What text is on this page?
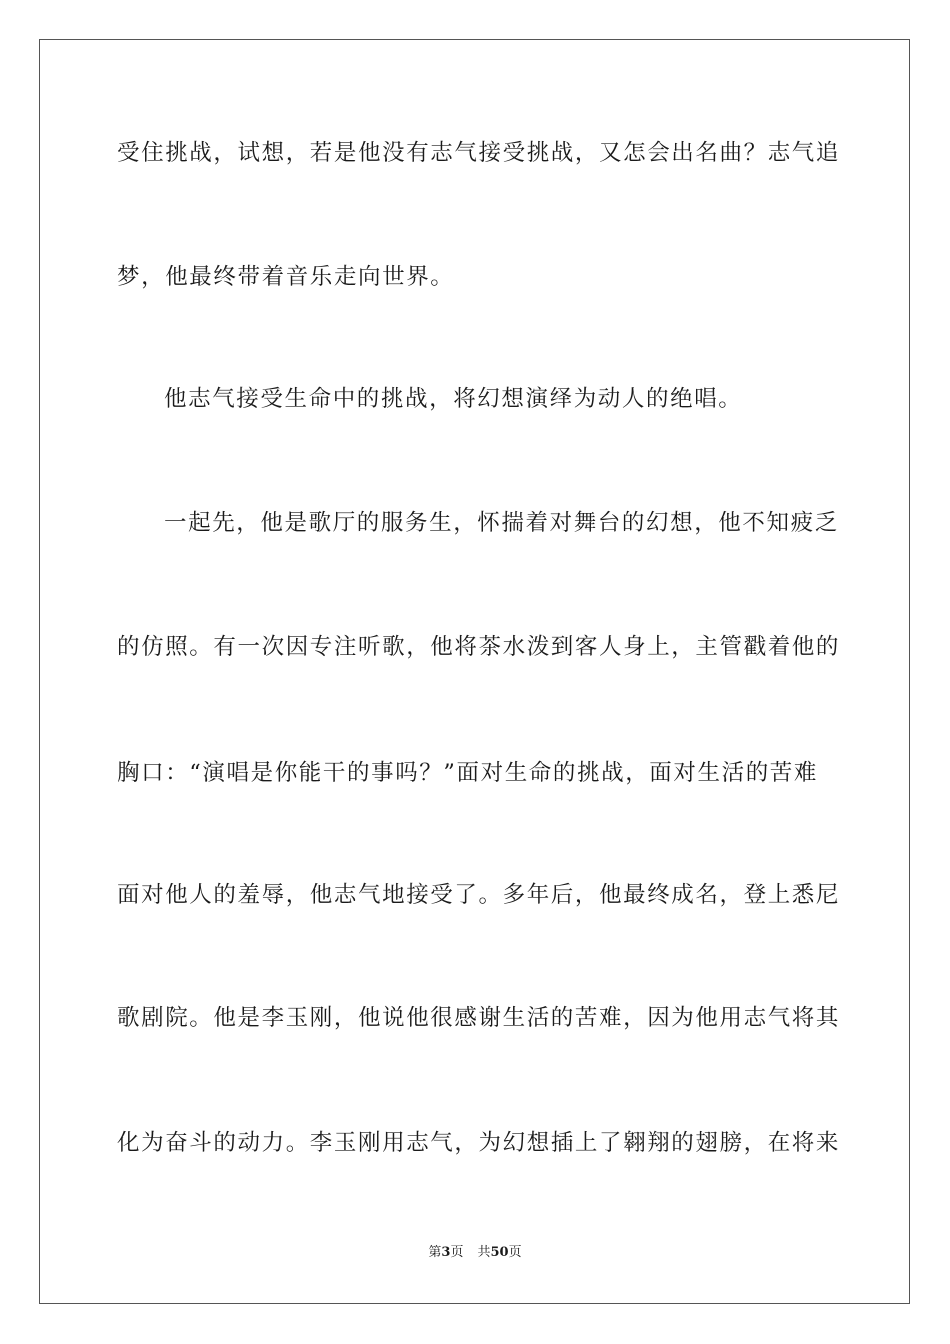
受住挑战，试想，若是他没有志气接受挑战，又怎会出名曲？志气追
梦，他最终带着音乐走向世界。
他志气接受生命中的挑战，将幻想演绎为动人的绝唱。
一起先，他是歌厅的服务生，怀揣着对舞台的幻想，他不知疲乏
的仿照。有一次因专注听歌，他将茶水泼到客人身上，主管戳着他的
胸口：“演唱是你能干的事吗？”面对生命的挑战，面对生活的苦难
面对他人的羞辱，他志气地接受了。多年后，他最终成名，登上悉尼
歌剧院。他是李玉刚，他说他很感谢生活的苦难，因为他用志气将其
化为奋斗的动力。李玉刚用志气，为幻想插上了翱翔的翅膀，在将来
第3页 共50页
